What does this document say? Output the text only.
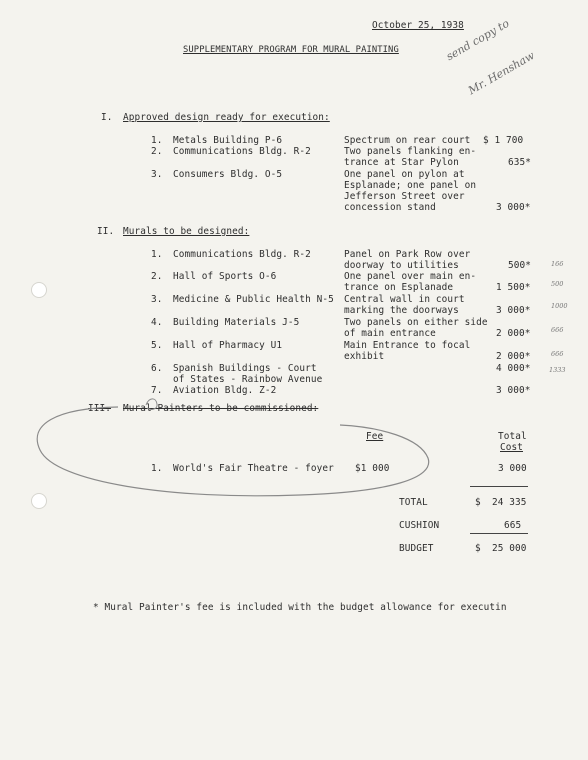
October 25, 1938
SUPPLEMENTARY PROGRAM FOR MURAL PAINTING	send copy to
Mr. Henshaw
I. Approved design ready for execution:
1. Metals Building P-6	Spectrum on rear court $ 1 700
2. Communications Bldg. R-2	Two panels flanking en-
trance at Star Pylon	635*
3. Consumers Bldg. O-5	One panel on pylon at
Esplanade; one panel on
Jefferson Street over
concession stand	3 000*
II. Murals to be designed:
1. Communications Bldg. R-2	Panel on Park Row over
doorway to utilities	500*	166
2. Hall of Sports O-6	One panel over main en-
trance on Esplanade	1 500*	500
3. Medicine & Public Health N-5 Central wall in court
marking the doorways	3 000*	1000
4. Building Materials J-5	Two panels on either side
of main entrance	2 000*	666
5. Hall of Pharmacy U1	Main Entrance to focal
exhibit	2 000*	666
6. Spanish Buildings - Court
of States - Rainbow Avenue
4 000*	1333
7. Aviation Bldg. Z-2	3 000*
III. Mural Painters to be commissioned:
Fee	Total
Cost
1. World's Fair Theatre - foyer $1 000	3 000
TOTAL	$ 24 335
CUSHION	665
BUDGET	$ 25 000
* Mural Painter's fee is included with the budget allowance for executin
